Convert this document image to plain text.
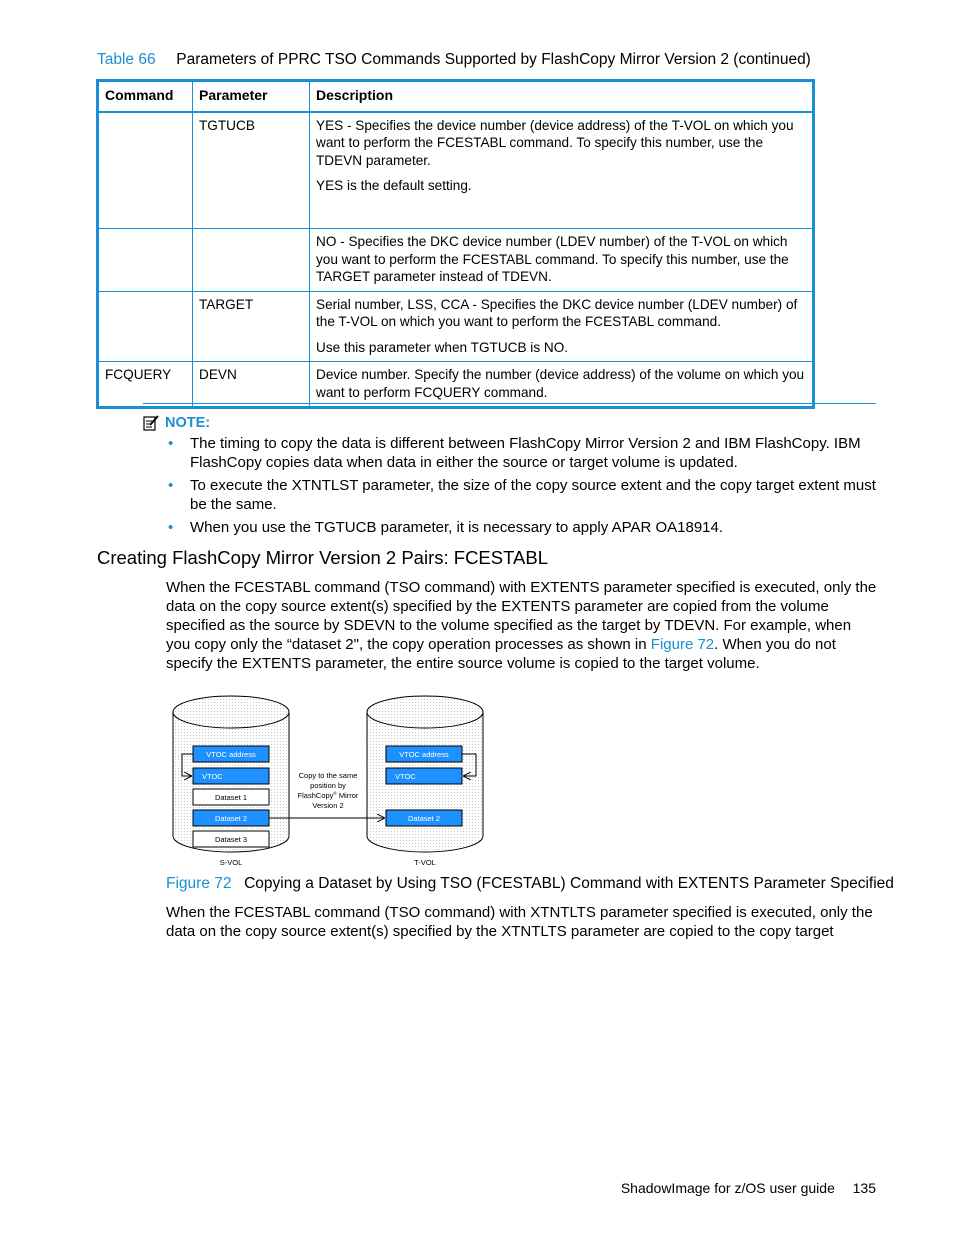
Table 66 Parameters of PPRC TSO Commands Supported by FlashCopy Mirror Version 2 (continued)
Command	Parameter	Description
	TGTUCB	YES - Specifies the device number (device address) of the T-VOL on which you want to perform the FCESTABL command. To specify this number, use the TDEVN parameter.

YES is the default setting.

		NO - Specifies the DKC device number (LDEV number) of the T-VOL on which you want to perform the FCESTABL command. To specify this number, use the TARGET parameter instead of TDEVN.

	TARGET	Serial number, LSS, CCA - Specifies the DKC device number (LDEV number) of the T-VOL on which you want to perform the FCESTABL command.

Use this parameter when TGTUCB is NO.

FCQUERY	DEVN	Device number. Specify the number (device address) of the volume on which you want to perform FCQUERY command.

NOTE:
• The timing to copy the data is different between FlashCopy Mirror Version 2 and IBM FlashCopy. IBM FlashCopy copies data when data in either the source or target volume is updated.
• To execute the XTNTLST parameter, the size of the copy source extent and the copy target extent must be the same.
• When you use the TGTUCB parameter, it is necessary to apply APAR OA18914.
Creating FlashCopy Mirror Version 2 Pairs: FCESTABL

When the FCESTABL command (TSO command) with EXTENTS parameter specified is executed, only the data on the copy source extent(s) specified by the EXTENTS parameter are copied from the volume specified as the source by SDEVN to the volume specified as the target by TDEVN. For example, when you copy only the “dataset 2", the copy operation processes as shown in Figure 72. When you do not specify the EXTENTS parameter, the entire source volume is copied to the target volume.

VTOC address
VTOC
Dataset 1
Dataset 2
Dataset 3
VTOC address
VTOC
Dataset 2
Copy to the same
position by
FlashCopy® Mirror
Version 2
S-VOL	T-VOL
Figure 72 Copying a Dataset by Using TSO (FCESTABL) Command with EXTENTS Parameter Specified

When the FCESTABL command (TSO command) with XTNTLTS parameter specified is executed, only the data on the copy source extent(s) specified by the XTNTLTS parameter are copied to the copy target

ShadowImage for z/OS user guide 135
